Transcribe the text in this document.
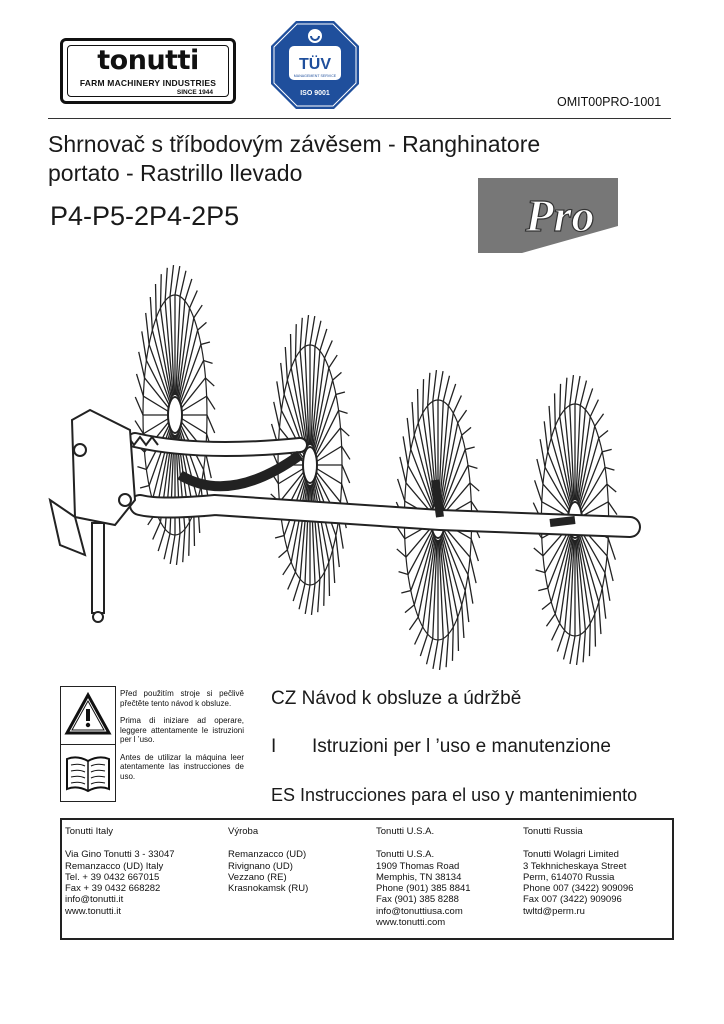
tonutti
FARM MACHINERY INDUSTRIES
SINCE 1944
TÜV
MANAGEMENT SERVICE
ISO 9001
OMIT00PRO-1001
Shrnovač s tříbodovým závěsem - Ranghinatore
portato - Rastrillo llevado
P4-P5-2P4-2P5	Pro

Před použitím stroje si pečlivě přečtěte tento návod k obsluze.

Prima di iniziare ad operare, leggere attentamente le istruzioni per l ’uso.

Antes de utilizar la máquina leer atentamente las instrucciones de uso.

CZ Návod k obsluze a údržbě
I Istruzioni per l ’uso e manutenzione
ES Instrucciones para el uso y mantenimiento
Tonutti Italy
Via Gino Tonutti 3 - 33047
Remanzacco (UD) Italy
Tel. + 39 0432 667015
Fax + 39 0432 668282
info@tonutti.it
www.tonutti.it
Výroba
Remanzacco (UD)
Rivignano (UD)
Vezzano (RE)
Krasnokamsk (RU)
Tonutti U.S.A.
Tonutti U.S.A.
1909 Thomas Road
Memphis, TN 38134
Phone (901) 385 8841
Fax (901) 385 8288
info@tonuttiusa.com
www.tonutti.com
Tonutti Russia
Tonutti Wolagri Limited
3 Tekhnicheskaya Street
Perm, 614070 Russia
Phone 007 (3422) 909096
Fax 007 (3422) 909096
twltd@perm.ru
